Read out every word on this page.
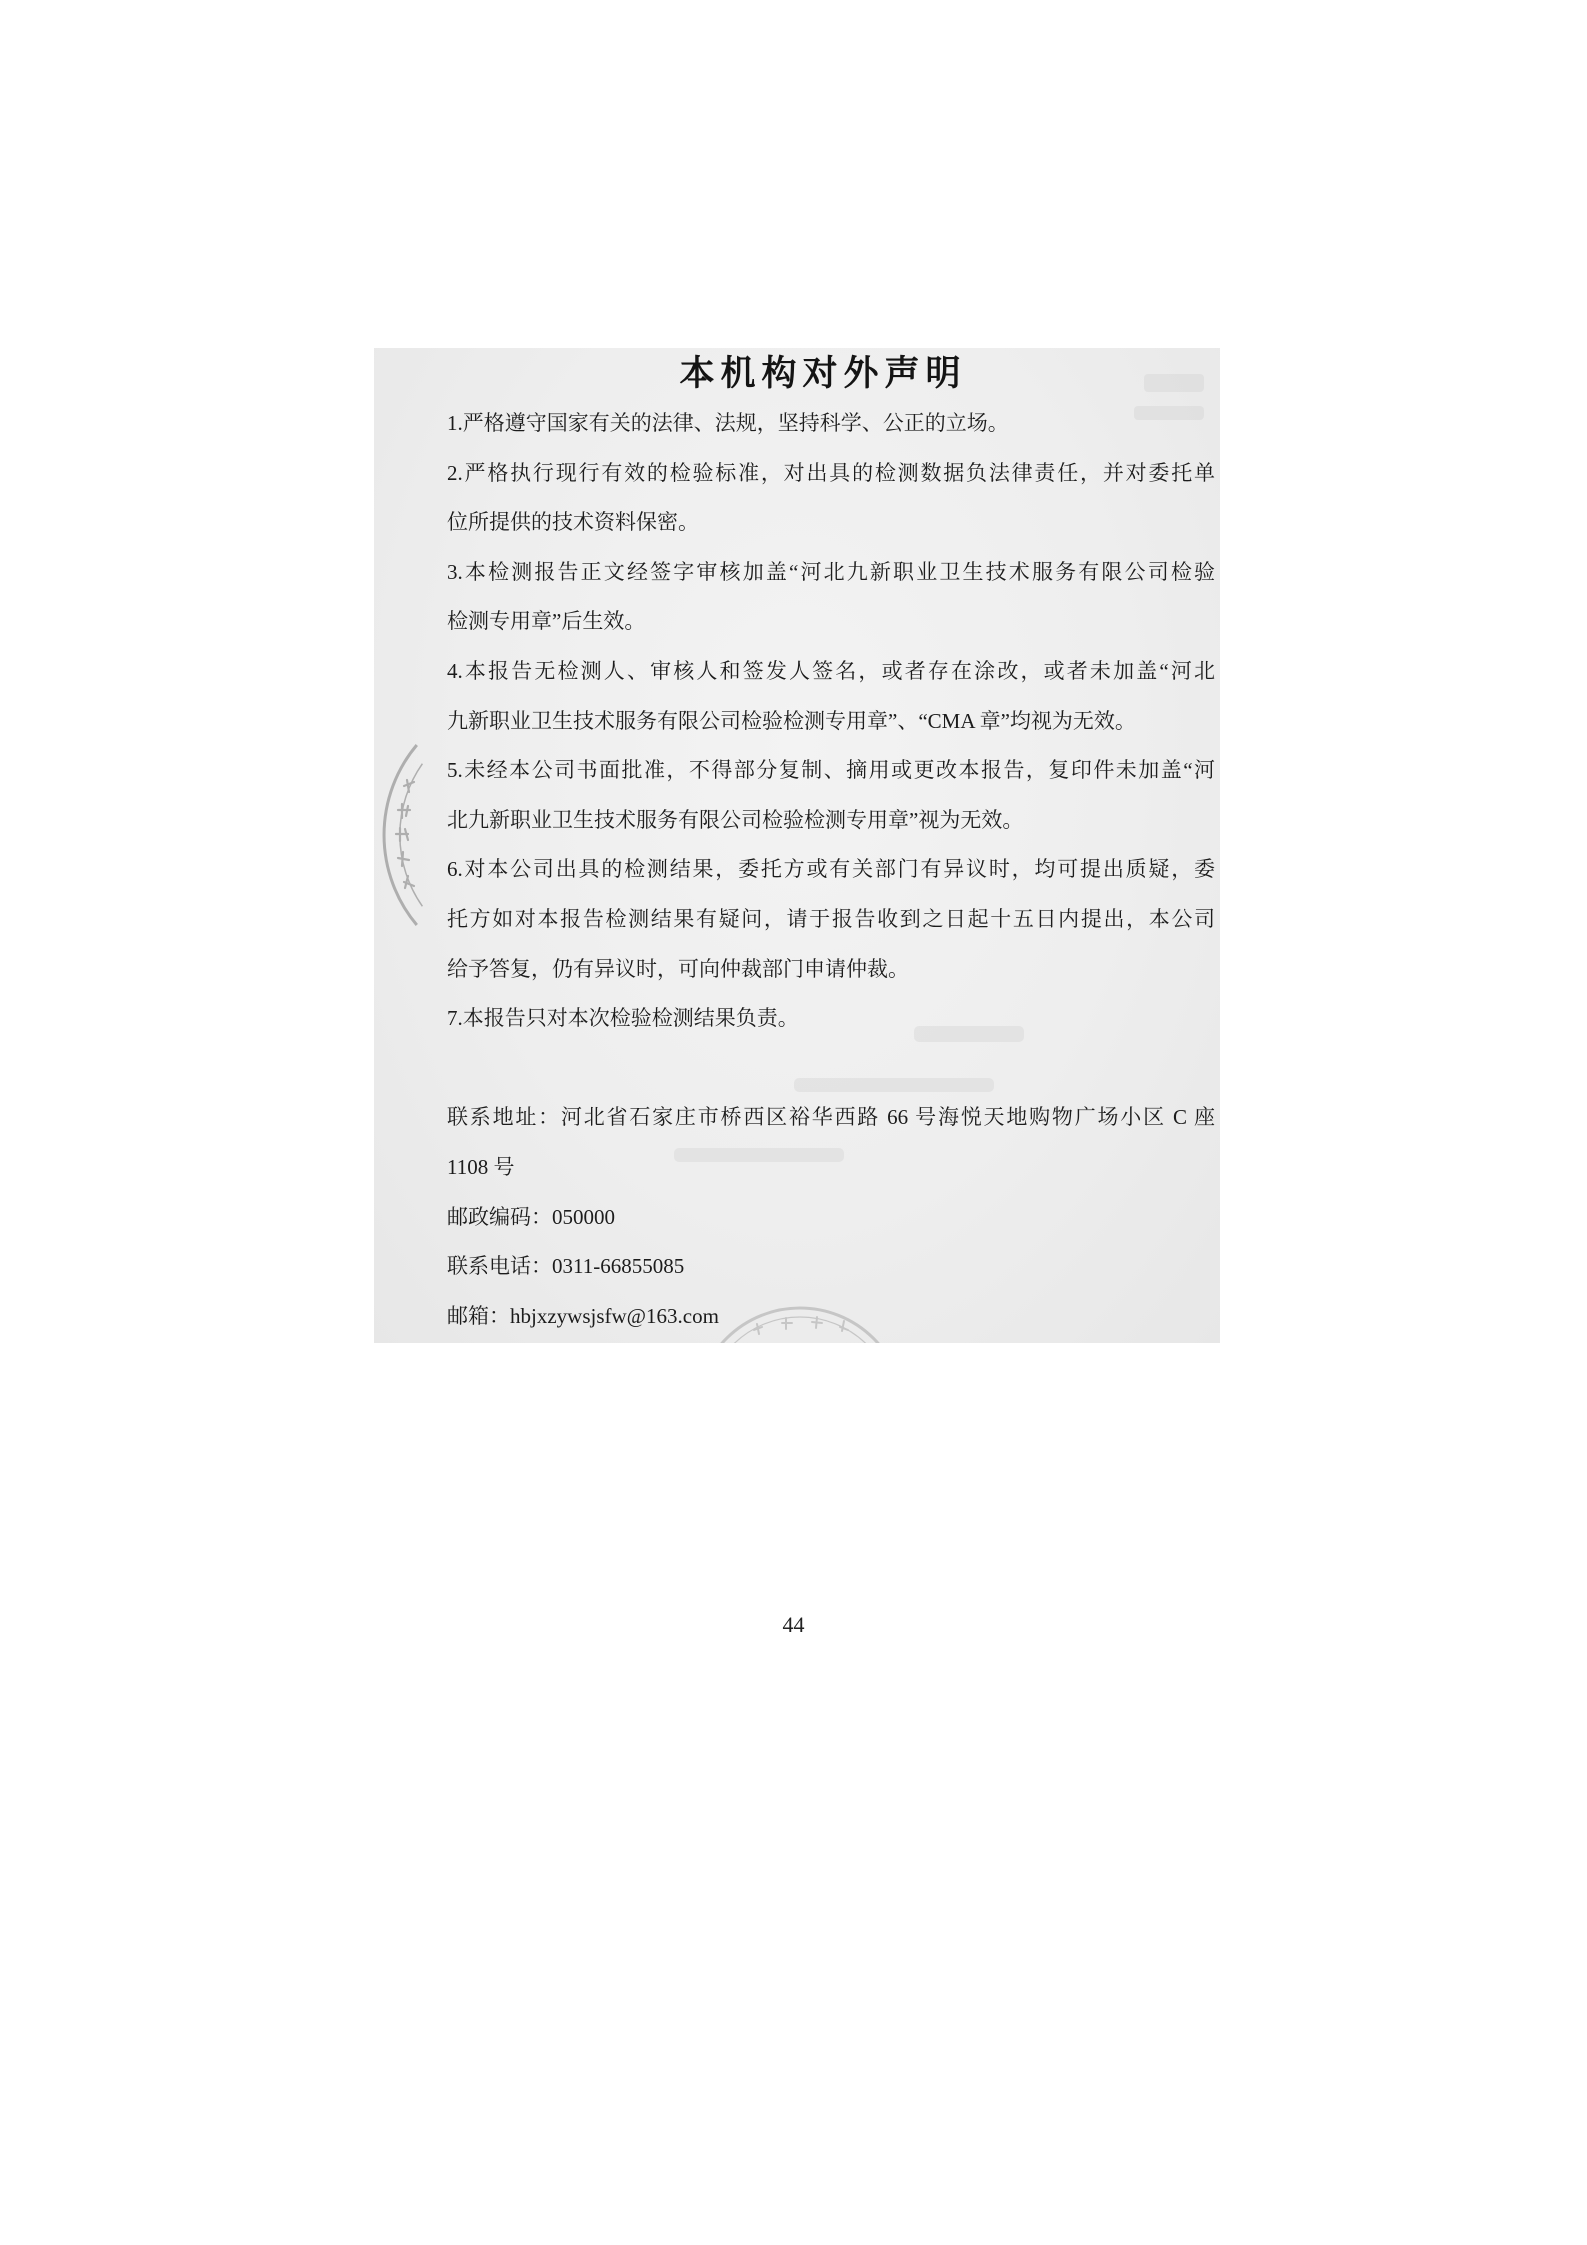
本机构对外声明
1.严格遵守国家有关的法律、法规，坚持科学、公正的立场。
2.严格执行现行有效的检验标准，对出具的检测数据负法律责任，并对委托单
位所提供的技术资料保密。
3.本检测报告正文经签字审核加盖“河北九新职业卫生技术服务有限公司检验
检测专用章”后生效。
4.本报告无检测人、审核人和签发人签名，或者存在涂改，或者未加盖“河北
九新职业卫生技术服务有限公司检验检测专用章”、“CMA 章”均视为无效。
5.未经本公司书面批准，不得部分复制、摘用或更改本报告，复印件未加盖“河
北九新职业卫生技术服务有限公司检验检测专用章”视为无效。
6.对本公司出具的检测结果，委托方或有关部门有异议时，均可提出质疑，委
托方如对本报告检测结果有疑问，请于报告收到之日起十五日内提出，本公司
给予答复，仍有异议时，可向仲裁部门申请仲裁。
7.本报告只对本次检验检测结果负责。
联系地址：河北省石家庄市桥西区裕华西路 66 号海悦天地购物广场小区 C 座
1108 号
邮政编码：050000
联系电话：0311-66855085
邮箱：hbjxzywsjsfw@163.com
44
